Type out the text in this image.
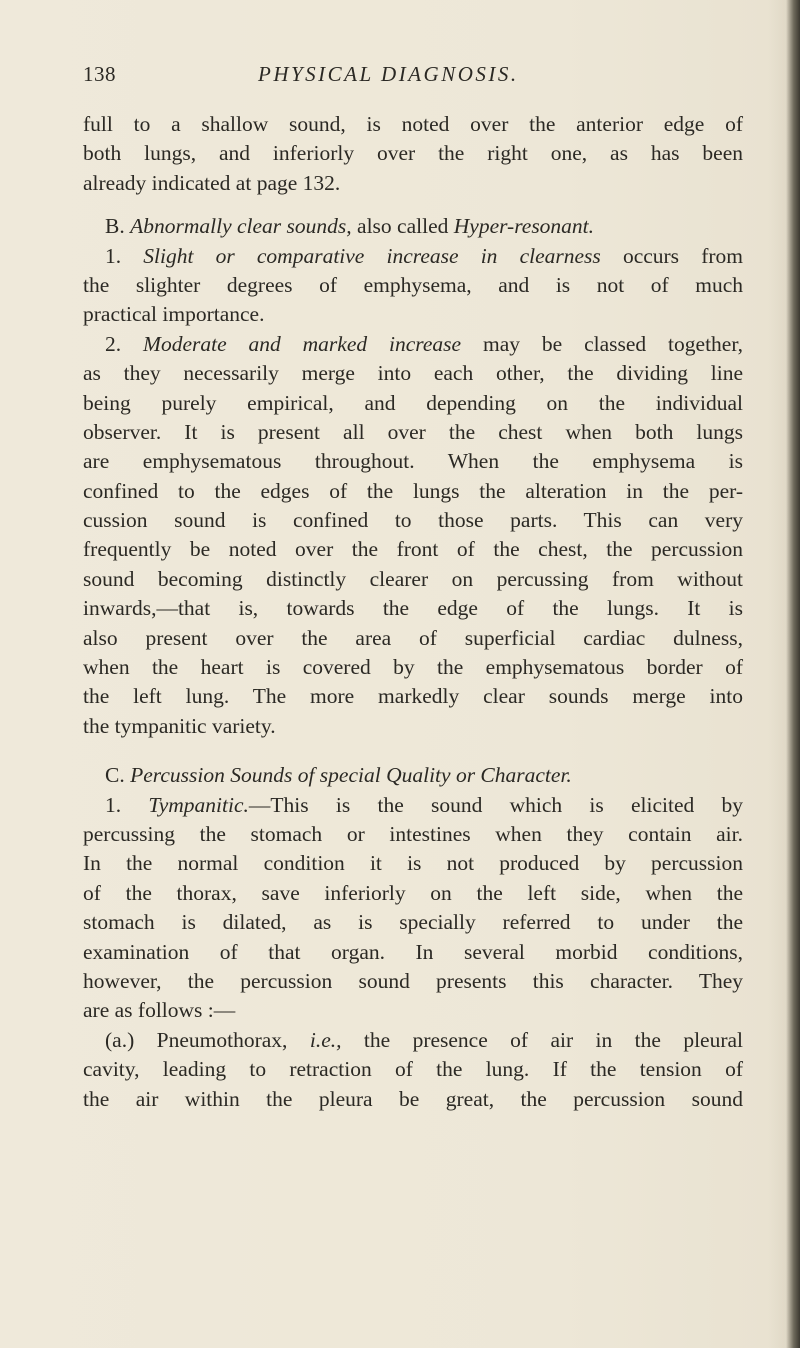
138	PHYSICAL DIAGNOSIS.
full to a shallow sound, is noted over the anterior edge of
both lungs, and inferiorly over the right one, as has been
already indicated at page 132.
B. Abnormally clear sounds, also called Hyper-resonant.
1. Slight or comparative increase in clearness occurs from
the slighter degrees of emphysema, and is not of much
practical importance.
2. Moderate and marked increase may be classed together,
as they necessarily merge into each other, the dividing line
being purely empirical, and depending on the individual
observer. It is present all over the chest when both lungs
are emphysematous throughout. When the emphysema is
confined to the edges of the lungs the alteration in the per-
cussion sound is confined to those parts. This can very
frequently be noted over the front of the chest, the percussion
sound becoming distinctly clearer on percussing from without
inwards,—that is, towards the edge of the lungs. It is
also present over the area of superficial cardiac dulness,
when the heart is covered by the emphysematous border of
the left lung. The more markedly clear sounds merge into
the tympanitic variety.
C. Percussion Sounds of special Quality or Character.
1. Tympanitic.—This is the sound which is elicited by
percussing the stomach or intestines when they contain air.
In the normal condition it is not produced by percussion
of the thorax, save inferiorly on the left side, when the
stomach is dilated, as is specially referred to under the
examination of that organ. In several morbid conditions,
however, the percussion sound presents this character. They
are as follows :—
(a.) Pneumothorax, i.e., the presence of air in the pleural
cavity, leading to retraction of the lung. If the tension of
the air within the pleura be great, the percussion sound
